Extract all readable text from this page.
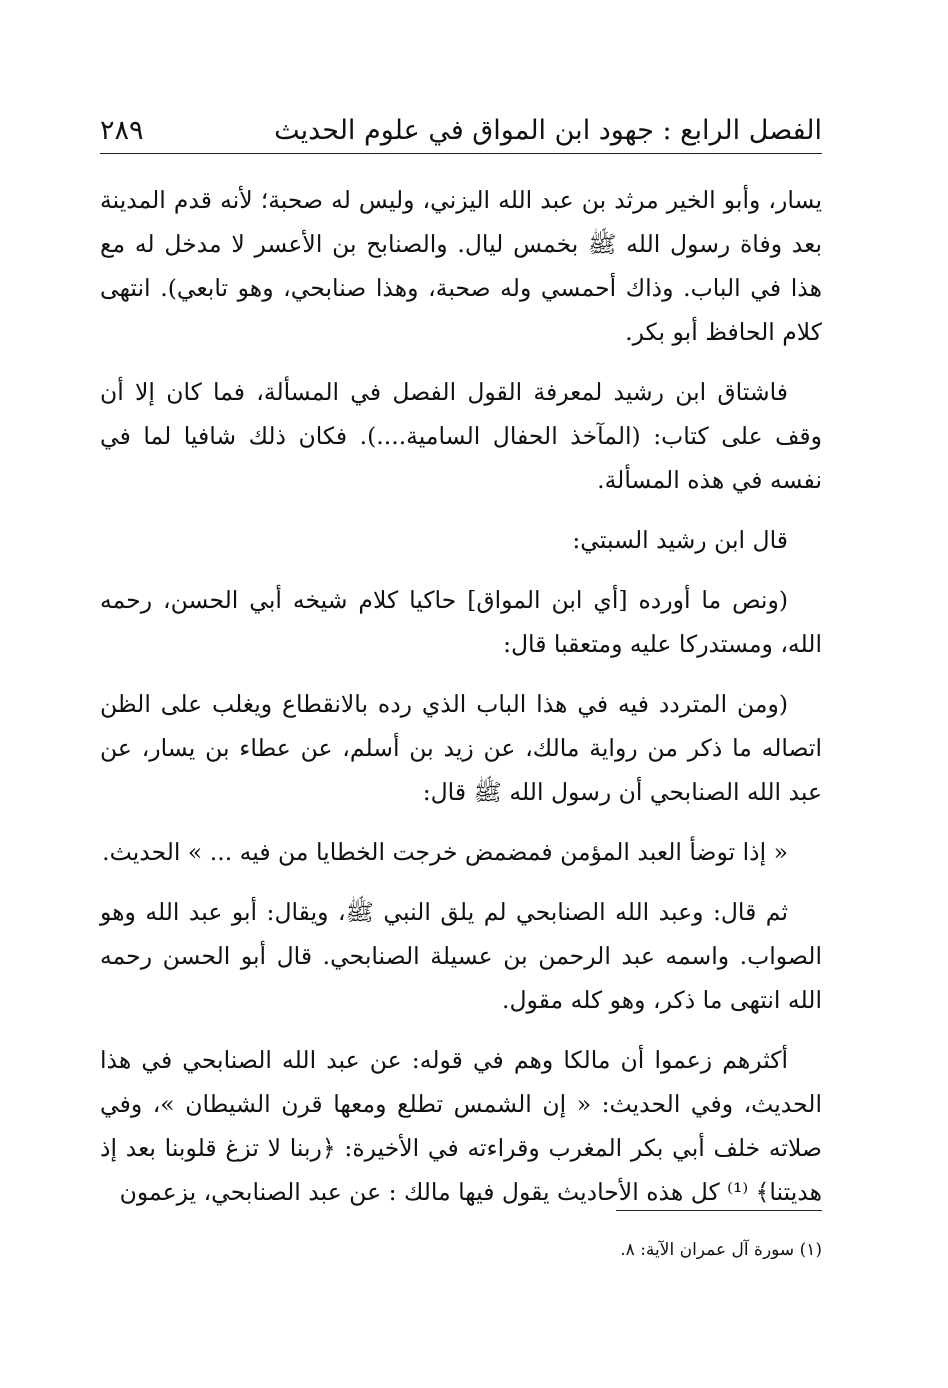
الفصل الرابع : جهود ابن المواق في علوم الحديث
٢٨٩

يسار، وأبو الخير مرثد بن عبد الله اليزني، وليس له صحبة؛ لأنه قدم المدينة بعد وفاة رسول الله ﷺ بخمس ليال. والصنابح بن الأعسر لا مدخل له مع هذا في الباب. وذاك أحمسي وله صحبة، وهذا صنابحي، وهو تابعي). انتهى كلام الحافظ أبو بكر.

فاشتاق ابن رشيد لمعرفة القول الفصل في المسألة، فما كان إلا أن وقف على كتاب: (المآخذ الحفال السامية....). فكان ذلك شافيا لما في نفسه في هذه المسألة.

قال ابن رشيد السبتي:

(ونص ما أورده [أي ابن المواق] حاكيا كلام شيخه أبي الحسن، رحمه الله، ومستدركا عليه ومتعقبا قال:

(ومن المتردد فيه في هذا الباب الذي رده بالانقطاع ويغلب على الظن اتصاله ما ذكر من رواية مالك، عن زيد بن أسلم، عن عطاء بن يسار، عن عبد الله الصنابحي أن رسول الله ﷺ قال:

« إذا توضأ العبد المؤمن فمضمض خرجت الخطايا من فيه ... » الحديث.

ثم قال: وعبد الله الصنابحي لم يلق النبي ﷺ، ويقال: أبو عبد الله وهو الصواب. واسمه عبد الرحمن بن عسيلة الصنابحي. قال أبو الحسن رحمه الله انتهى ما ذكر، وهو كله مقول.

أكثرهم زعموا أن مالكا وهم في قوله: عن عبد الله الصنابحي في هذا الحديث، وفي الحديث: « إن الشمس تطلع ومعها قرن الشيطان »، وفي صلاته خلف أبي بكر المغرب وقراءته في الأخيرة: ﴿ربنا لا تزغ قلوبنا بعد إذ هديتنا﴾ ⁽¹⁾ كل هذه الأحاديث يقول فيها مالك : عن عبد الصنابحي، يزعمون

(١) سورة آل عمران الآية: ٨.
